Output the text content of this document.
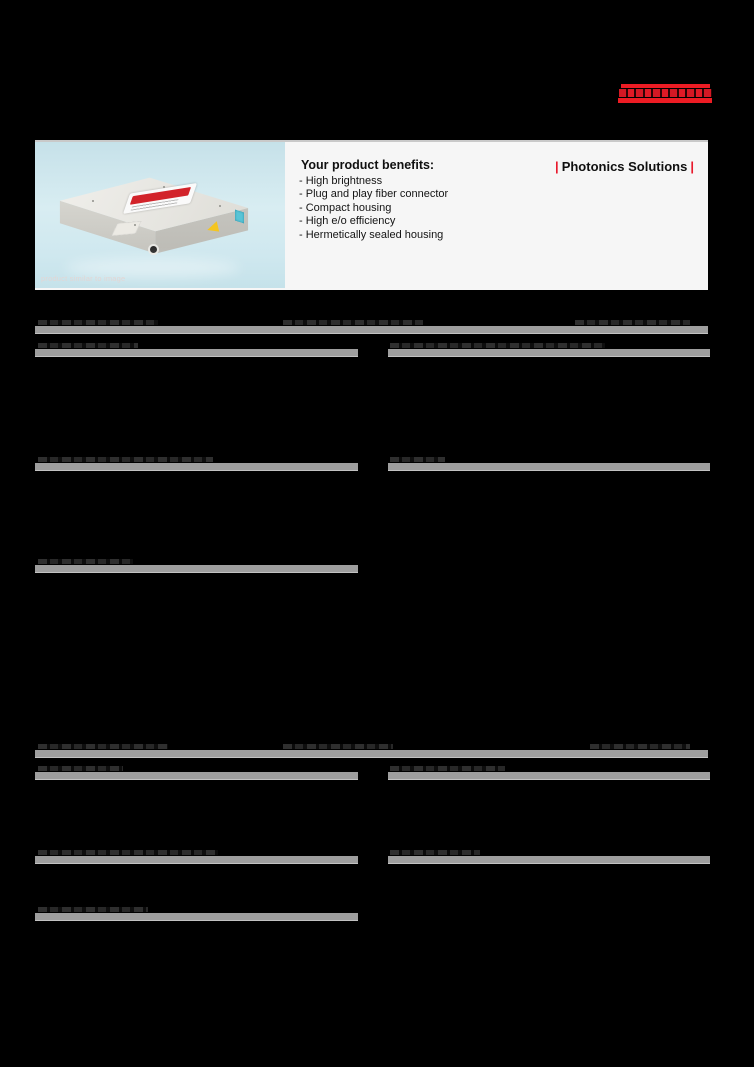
product similar to image
Your product benefits:	| Photonics Solutions |
- High brightness
- Plug and play fiber connector
- Compact housing
- High e/o efficiency
- Hermetically sealed housing
